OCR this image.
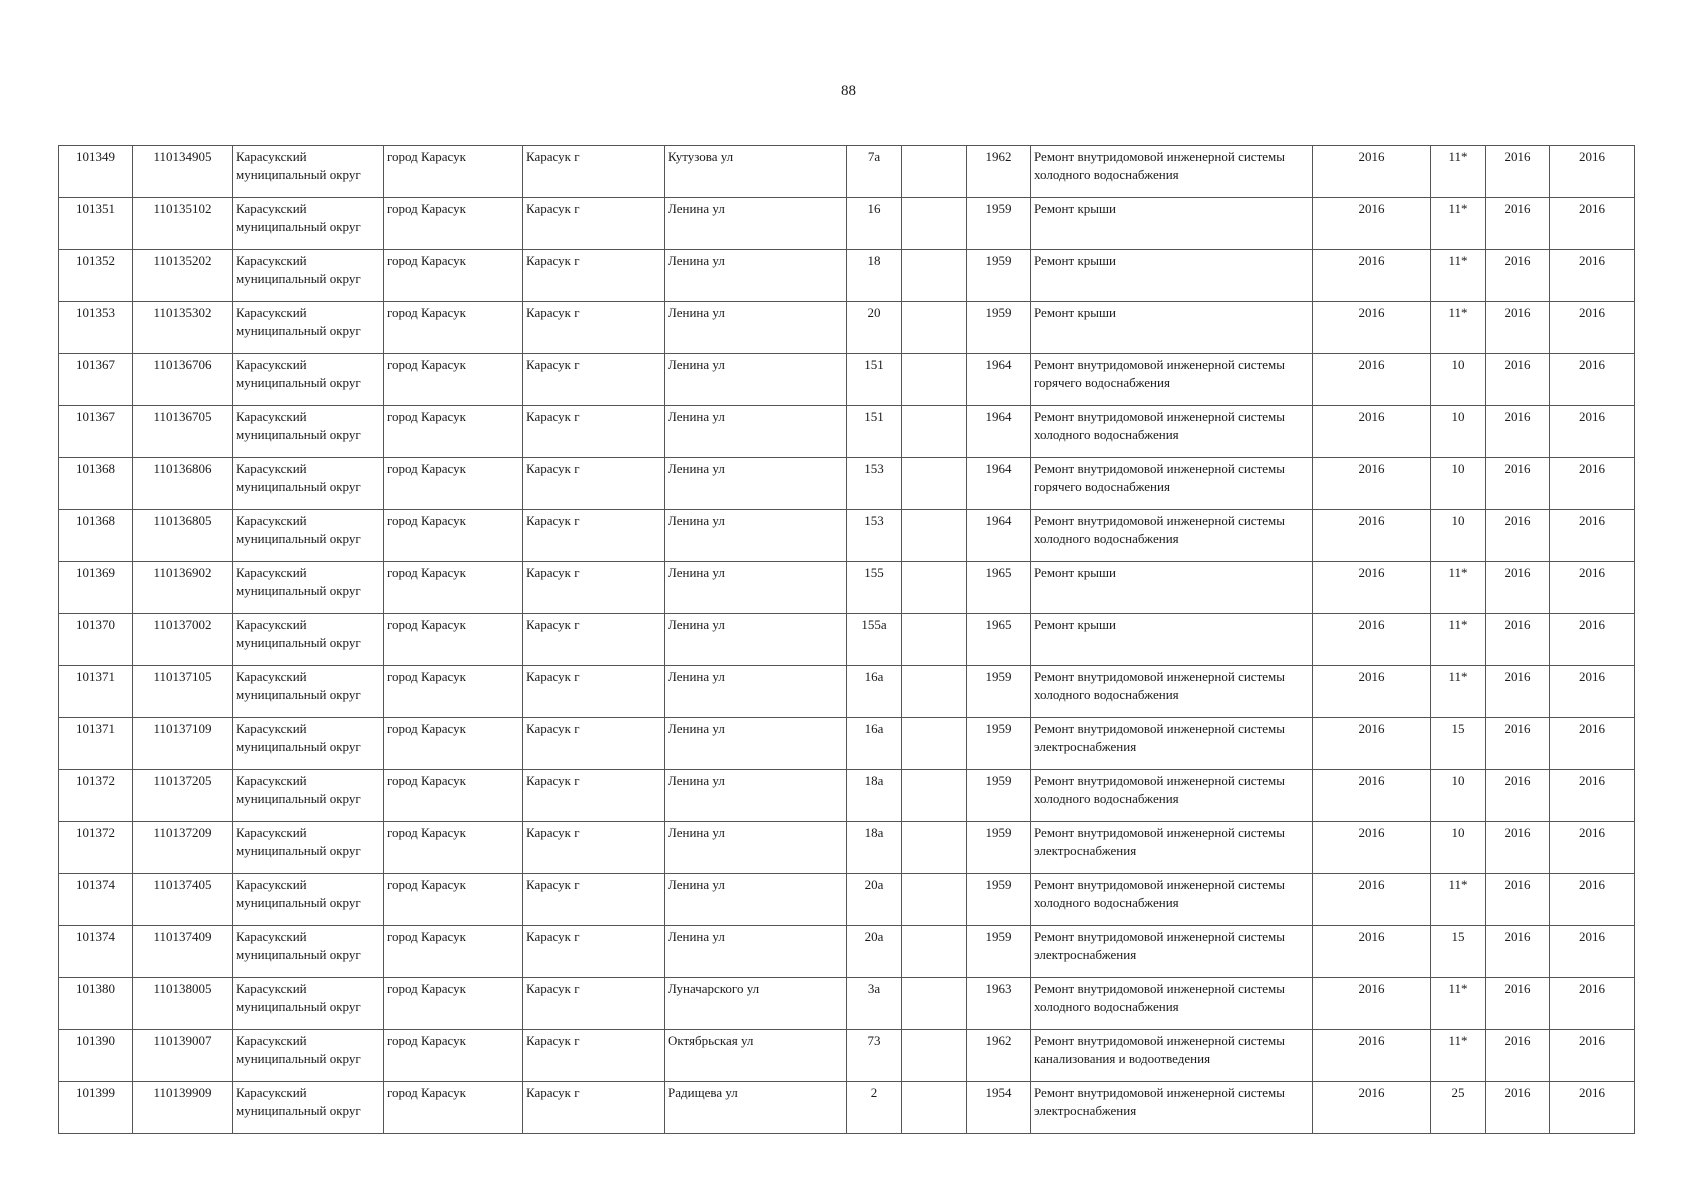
88
101349	110134905	Карасукский муниципальный округ	город Карасук	Карасук г	Кутузова ул	7а		1962	Ремонт внутридомовой инженерной системы холодного водоснабжения	2016	11*	2016	2016
101351	110135102	Карасукский муниципальный округ	город Карасук	Карасук г	Ленина ул	16		1959	Ремонт крыши	2016	11*	2016	2016
101352	110135202	Карасукский муниципальный округ	город Карасук	Карасук г	Ленина ул	18		1959	Ремонт крыши	2016	11*	2016	2016
101353	110135302	Карасукский муниципальный округ	город Карасук	Карасук г	Ленина ул	20		1959	Ремонт крыши	2016	11*	2016	2016
101367	110136706	Карасукский муниципальный округ	город Карасук	Карасук г	Ленина ул	151		1964	Ремонт внутридомовой инженерной системы горячего водоснабжения	2016	10	2016	2016
101367	110136705	Карасукский муниципальный округ	город Карасук	Карасук г	Ленина ул	151		1964	Ремонт внутридомовой инженерной системы холодного водоснабжения	2016	10	2016	2016
101368	110136806	Карасукский муниципальный округ	город Карасук	Карасук г	Ленина ул	153		1964	Ремонт внутридомовой инженерной системы горячего водоснабжения	2016	10	2016	2016
101368	110136805	Карасукский муниципальный округ	город Карасук	Карасук г	Ленина ул	153		1964	Ремонт внутридомовой инженерной системы холодного водоснабжения	2016	10	2016	2016
101369	110136902	Карасукский муниципальный округ	город Карасук	Карасук г	Ленина ул	155		1965	Ремонт крыши	2016	11*	2016	2016
101370	110137002	Карасукский муниципальный округ	город Карасук	Карасук г	Ленина ул	155а		1965	Ремонт крыши	2016	11*	2016	2016
101371	110137105	Карасукский муниципальный округ	город Карасук	Карасук г	Ленина ул	16а		1959	Ремонт внутридомовой инженерной системы холодного водоснабжения	2016	11*	2016	2016
101371	110137109	Карасукский муниципальный округ	город Карасук	Карасук г	Ленина ул	16а		1959	Ремонт внутридомовой инженерной системы электроснабжения	2016	15	2016	2016
101372	110137205	Карасукский муниципальный округ	город Карасук	Карасук г	Ленина ул	18а		1959	Ремонт внутридомовой инженерной системы холодного водоснабжения	2016	10	2016	2016
101372	110137209	Карасукский муниципальный округ	город Карасук	Карасук г	Ленина ул	18а		1959	Ремонт внутридомовой инженерной системы электроснабжения	2016	10	2016	2016
101374	110137405	Карасукский муниципальный округ	город Карасук	Карасук г	Ленина ул	20а		1959	Ремонт внутридомовой инженерной системы холодного водоснабжения	2016	11*	2016	2016
101374	110137409	Карасукский муниципальный округ	город Карасук	Карасук г	Ленина ул	20а		1959	Ремонт внутридомовой инженерной системы электроснабжения	2016	15	2016	2016
101380	110138005	Карасукский муниципальный округ	город Карасук	Карасук г	Луначарского ул	3а		1963	Ремонт внутридомовой инженерной системы холодного водоснабжения	2016	11*	2016	2016
101390	110139007	Карасукский муниципальный округ	город Карасук	Карасук г	Октябрьская ул	73		1962	Ремонт внутридомовой инженерной системы канализования и водоотведения	2016	11*	2016	2016
101399	110139909	Карасукский муниципальный округ	город Карасук	Карасук г	Радищева ул	2		1954	Ремонт внутридомовой инженерной системы электроснабжения	2016	25	2016	2016
